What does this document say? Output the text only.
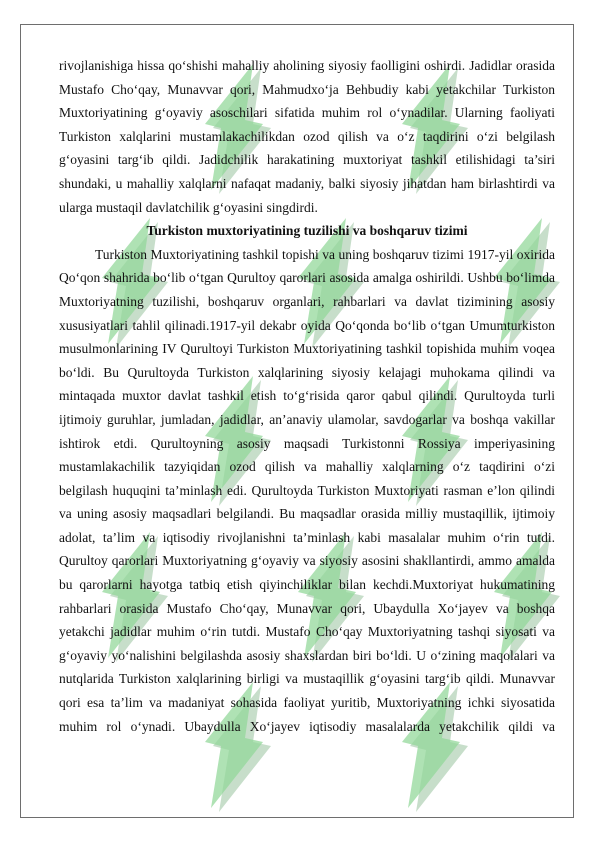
rivojlanishiga hissa qo‘shishi mahalliy aholining siyosiy faolligini oshirdi. Jadidlar orasida Mustafo Cho‘qay, Munavvar qori, Mahmudxo‘ja Behbudiy kabi yetakchilar Turkiston Muxtoriyatining g‘oyaviy asoschilari sifatida muhim rol o‘ynadilar. Ularning faoliyati Turkiston xalqlarini mustamlakachilikdan ozod qilish va o‘z taqdirini o‘zi belgilash g‘oyasini targ‘ib qildi. Jadidchilik harakatining muxtoriyat tashkil etilishidagi ta’siri shundaki, u mahalliy xalqlarni nafaqat madaniy, balki siyosiy jihatdan ham birlashtirdi va ularga mustaqil davlatchilik g‘oyasini singdirdi.

Turkiston muxtoriyatining tuzilishi va boshqaruv tizimi

Turkiston Muxtoriyatining tashkil topishi va uning boshqaruv tizimi 1917-yil oxirida Qo‘qon shahrida bo‘lib o‘tgan Qurultoy qarorlari asosida amalga oshirildi. Ushbu bo‘limda Muxtoriyatning tuzilishi, boshqaruv organlari, rahbarlari va davlat tizimining asosiy xususiyatlari tahlil qilinadi.1917-yil dekabr oyida Qo‘qonda bo‘lib o‘tgan Umumturkiston musulmonlarining IV Qurultoyi Turkiston Muxtoriyatining tashkil topishida muhim voqea bo‘ldi. Bu Qurultoyda Turkiston xalqlarining siyosiy kelajagi muhokama qilindi va mintaqada muxtor davlat tashkil etish to‘g‘risida qaror qabul qilindi. Qurultoyda turli ijtimoiy guruhlar, jumladan, jadidlar, an’anaviy ulamolar, savdogarlar va boshqa vakillar ishtirok etdi. Qurultoyning asosiy maqsadi Turkistonni Rossiya imperiyasining mustamlakachilik tazyiqidan ozod qilish va mahalliy xalqlarning o‘z taqdirini o‘zi belgilash huquqini ta’minlash edi. Qurultoyda Turkiston Muxtoriyati rasman e’lon qilindi va uning asosiy maqsadlari belgilandi. Bu maqsadlar orasida milliy mustaqillik, ijtimoiy adolat, ta’lim va iqtisodiy rivojlanishni ta’minlash kabi masalalar muhim o‘rin tutdi. Qurultoy qarorlari Muxtoriyatning g‘oyaviy va siyosiy asosini shakllantirdi, ammo amalda bu qarorlarni hayotga tatbiq etish qiyinchiliklar bilan kechdi.Muxtoriyat hukumatining rahbarlari orasida Mustafo Cho‘qay, Munavvar qori, Ubaydulla Xo‘jayev va boshqa yetakchi jadidlar muhim o‘rin tutdi. Mustafo Cho‘qay Muxtoriyatning tashqi siyosati va g‘oyaviy yo‘nalishini belgilashda asosiy shaxslardan biri bo‘ldi. U o‘zining maqolalari va nutqlarida Turkiston xalqlarining birligi va mustaqillik g‘oyasini targ‘ib qildi. Munavvar qori esa ta’lim va madaniyat sohasida faoliyat yuritib, Muxtoriyatning ichki siyosatida muhim rol o‘ynadi. Ubaydulla Xo‘jayev iqtisodiy masalalarda yetakchilik qildi va
